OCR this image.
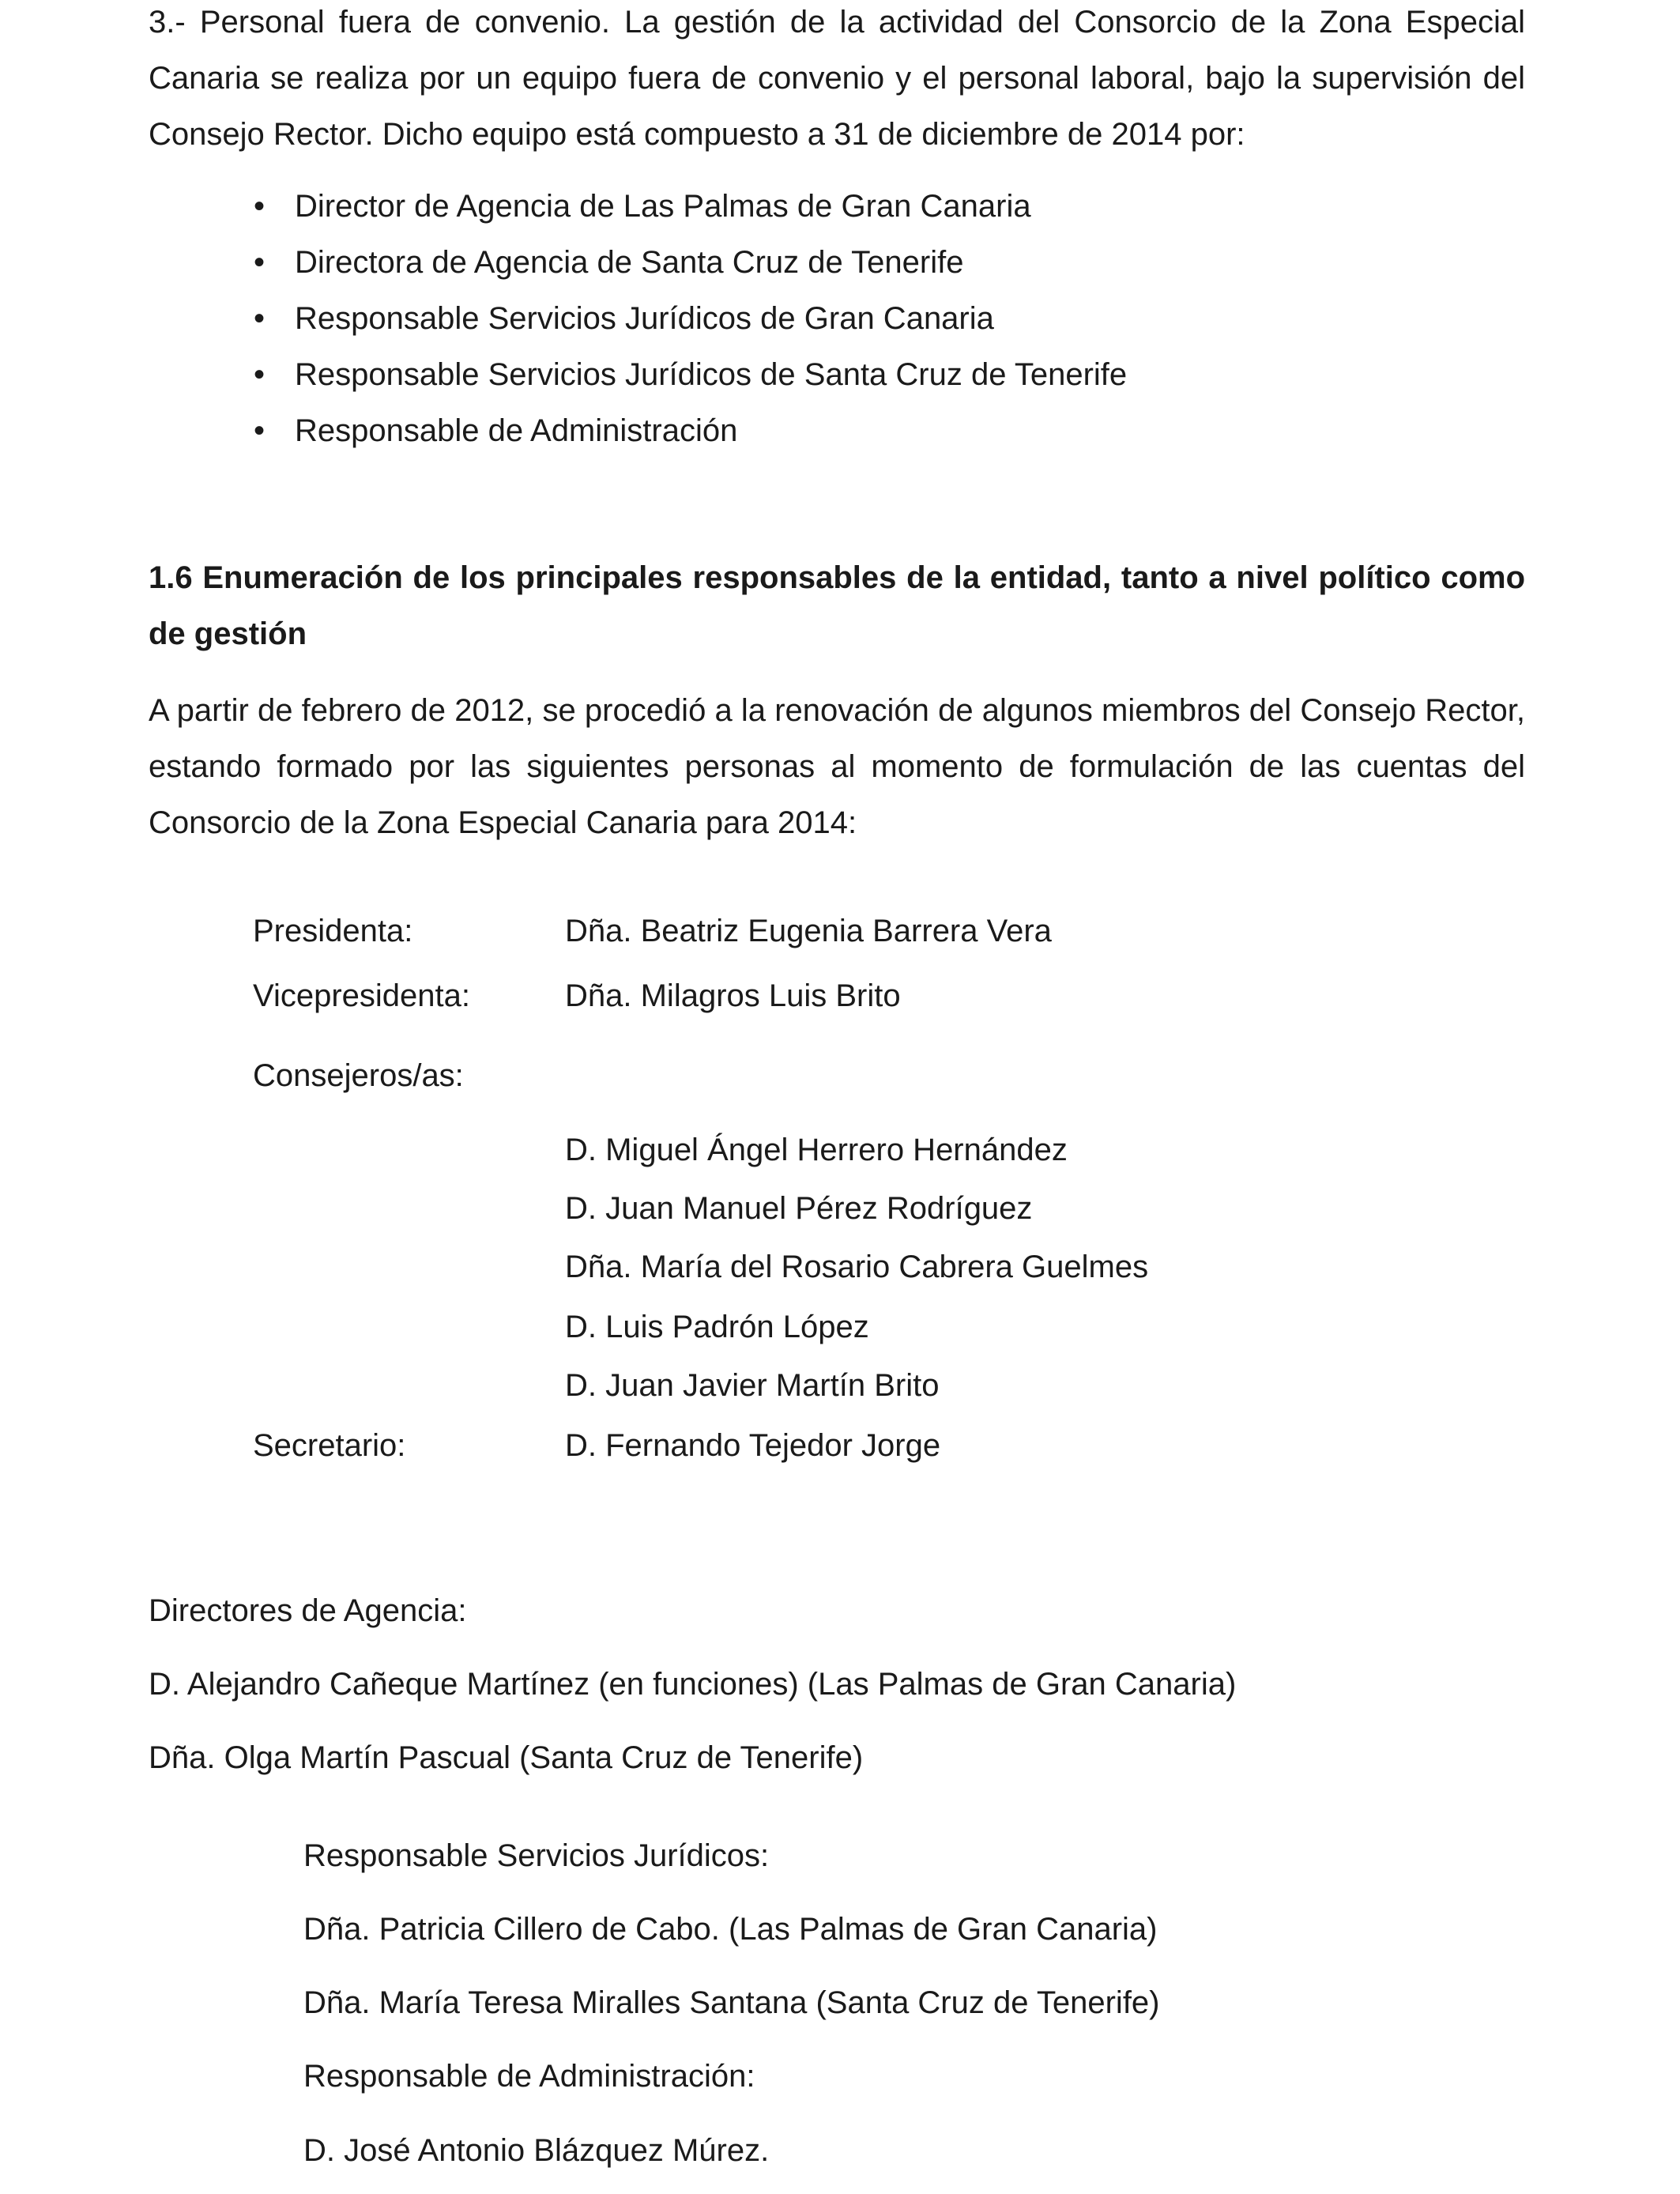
3.- Personal fuera de convenio. La gestión de la actividad del Consorcio de la Zona Especial Canaria se realiza por un equipo fuera de convenio y el personal laboral, bajo la supervisión del Consejo Rector. Dicho equipo está compuesto a 31 de diciembre de 2014 por:

• Director de Agencia de Las Palmas de Gran Canaria
• Directora de Agencia de Santa Cruz de Tenerife
• Responsable Servicios Jurídicos de Gran Canaria
• Responsable Servicios Jurídicos de Santa Cruz de Tenerife
• Responsable de Administración

1.6 Enumeración de los principales responsables de la entidad, tanto a nivel político como de gestión

A partir de febrero de 2012, se procedió a la renovación de algunos miembros del Consejo Rector, estando formado por las siguientes personas al momento de formulación de las cuentas del Consorcio de la Zona Especial Canaria para 2014:

Presidenta:	Dña. Beatriz Eugenia Barrera Vera
Vicepresidenta:	Dña. Milagros Luis Brito
Consejeros/as:
D. Miguel Ángel Herrero Hernández
D. Juan Manuel Pérez Rodríguez
Dña. María del Rosario Cabrera Guelmes
D. Luis Padrón López
D. Juan Javier Martín Brito
Secretario:	D. Fernando Tejedor Jorge
Directores de Agencia:
D. Alejandro Cañeque Martínez (en funciones) (Las Palmas de Gran Canaria)
Dña. Olga Martín Pascual (Santa Cruz de Tenerife)
Responsable Servicios Jurídicos:
Dña. Patricia Cillero de Cabo. (Las Palmas de Gran Canaria)
Dña. María Teresa Miralles Santana (Santa Cruz de Tenerife)
Responsable de Administración:
D. José Antonio Blázquez Múrez.
